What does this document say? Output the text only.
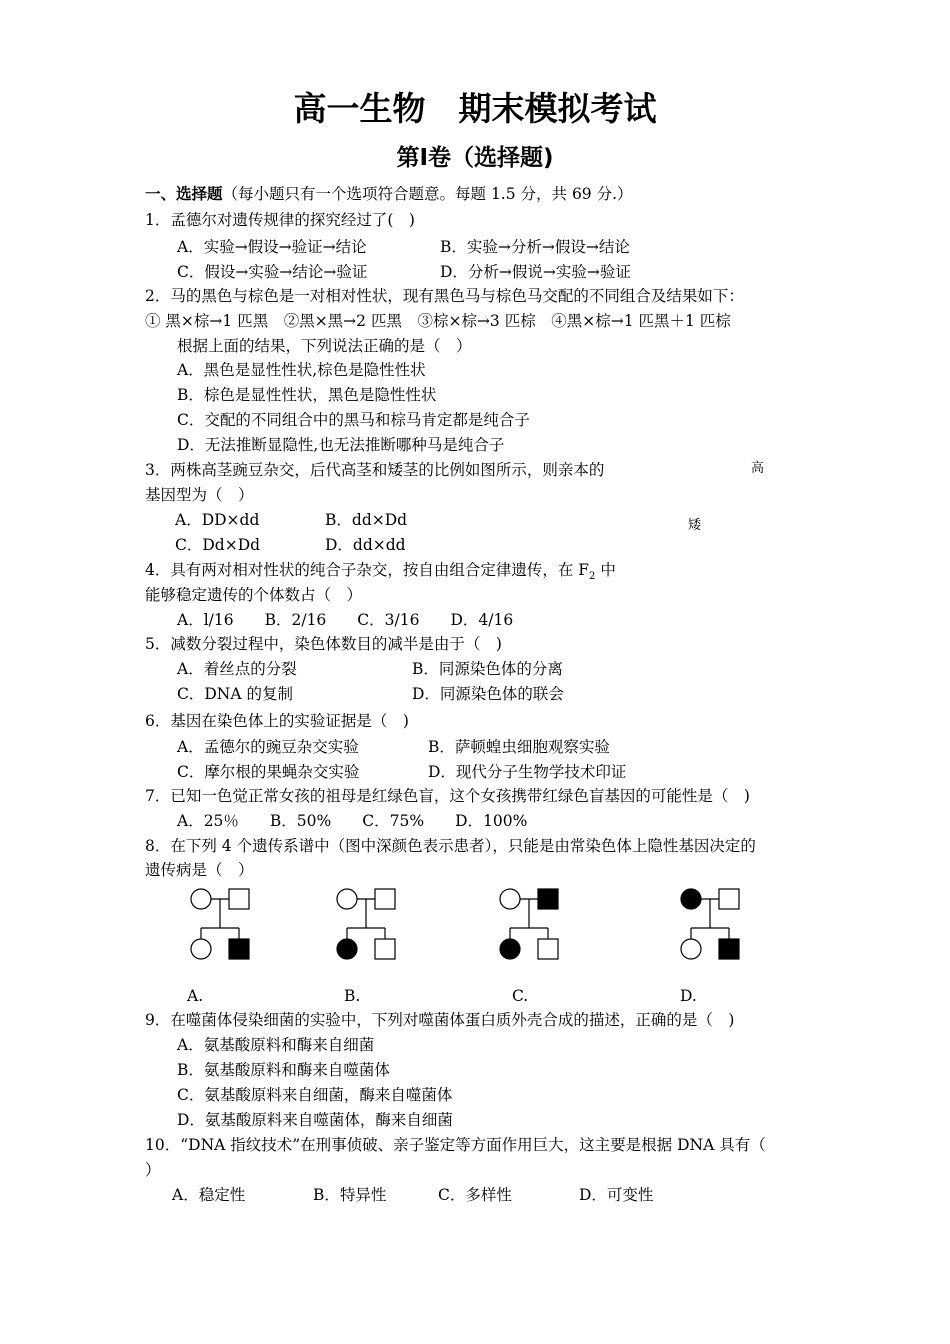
高一生物　期末模拟考试
第Ⅰ卷（选择题)
一、选择题（每小题只有一个选项符合题意。每题 1.5 分，共 69 分.）
1．孟德尔对遗传规律的探究经过了(　)
A．实验→假设→验证→结论	B．实验→分析→假设→结论
C．假设→实验→结论→验证	D．分析→假说→实验→验证
2．马的黑色与棕色是一对相对性状，现有黑色马与棕色马交配的不同组合及结果如下：
① 黑×棕→1 匹黑　②黑×黑→2 匹黑　③棕×棕→3 匹棕　④黑×棕→1 匹黑＋1 匹棕
根据上面的结果，下列说法正确的是（　）
A．黑色是显性性状,棕色是隐性性状
B．棕色是显性性状，黑色是隐性性状
C．交配的不同组合中的黑马和棕马肯定都是纯合子
D．无法推断显隐性,也无法推断哪种马是纯合子
3．两株高茎豌豆杂交，后代高茎和矮茎的比例如图所示，则亲本的
基因型为（　）
A．DD×dd	B．dd×Dd
C．Dd×Dd	D．dd×dd
高
矮
4．具有两对相对性状的纯合子杂交，按自由组合定律遗传，在 $F_2$ 中
能够稳定遗传的个体数占（　）
A．l/16　　B．2/16　　C．3/16　　D．4/16
5．减数分裂过程中，染色体数目的减半是由于（　)
A．着丝点的分裂	B．同源染色体的分离
C．DNA 的复制	D．同源染色体的联会
6．基因在染色体上的实验证据是（　)
A．孟德尔的豌豆杂交实验	B．萨顿蝗虫细胞观察实验
C．摩尔根的果蝇杂交实验	D．现代分子生物学技术印证
7．已知一色觉正常女孩的祖母是红绿色盲，这个女孩携带红绿色盲基因的可能性是（　)
A．25％　　B．50%　　C．75%　　D．100%
8．在下列 4 个遗传系谱中（图中深颜色表示患者），只能是由常染色体上隐性基因决定的
遗传病是（　）
A.	B.	C.	D.
9．在噬菌体侵染细菌的实验中，下列对噬菌体蛋白质外壳合成的描述，正确的是（　)
A．氨基酸原料和酶来自细菌
B．氨基酸原料和酶来自噬菌体
C．氨基酸原料来自细菌，酶来自噬菌体
D．氨基酸原料来自噬菌体，酶来自细菌
10．“DNA 指纹技术”在刑事侦破、亲子鉴定等方面作用巨大，这主要是根据 DNA 具有（
）
A．稳定性	B．特异性	C．多样性	D．可变性
